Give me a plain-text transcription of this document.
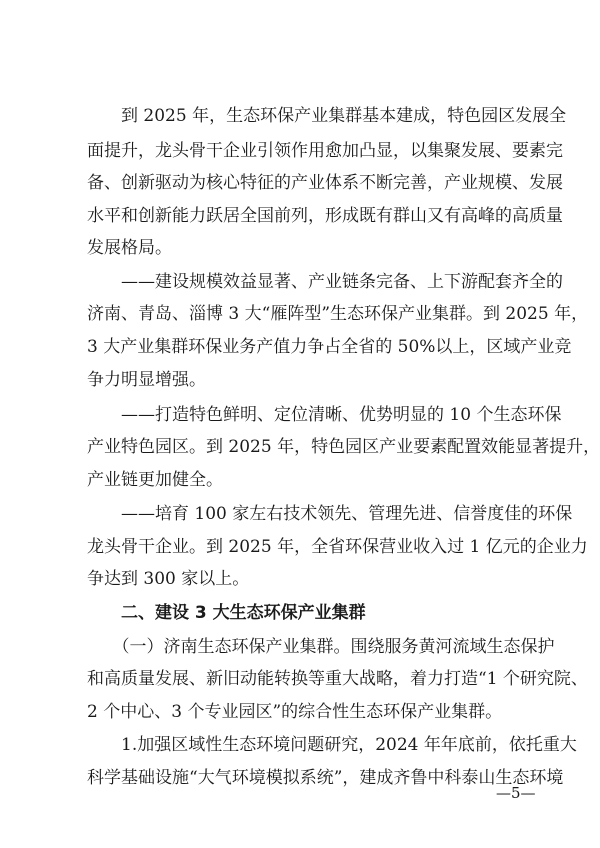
　　到 2025 年，生态环保产业集群基本建成，特色园区发展全
面提升，龙头骨干企业引领作用愈加凸显，以集聚发展、要素完
备、创新驱动为核心特征的产业体系不断完善，产业规模、发展
水平和创新能力跃居全国前列，形成既有群山又有高峰的高质量
发展格局。
　　——建设规模效益显著、产业链条完备、上下游配套齐全的
济南、青岛、淄博 3 大“雁阵型”生态环保产业集群。到 2025 年，
3 大产业集群环保业务产值力争占全省的 50%以上，区域产业竞
争力明显增强。
　　——打造特色鲜明、定位清晰、优势明显的 10 个生态环保
产业特色园区。到 2025 年，特色园区产业要素配置效能显著提升，
产业链更加健全。
　　——培育 100 家左右技术领先、管理先进、信誉度佳的环保
龙头骨干企业。到 2025 年，全省环保营业收入过 1 亿元的企业力
争达到 300 家以上。
　　二、建设 3 大生态环保产业集群
　　（一）济南生态环保产业集群。围绕服务黄河流域生态保护
和高质量发展、新旧动能转换等重大战略，着力打造“1 个研究院、
2 个中心、3 个专业园区”的综合性生态环保产业集群。
　　1.加强区域性生态环境问题研究，2024 年年底前，依托重大
科学基础设施“大气环境模拟系统”，建成齐鲁中科泰山生态环境
—5—
